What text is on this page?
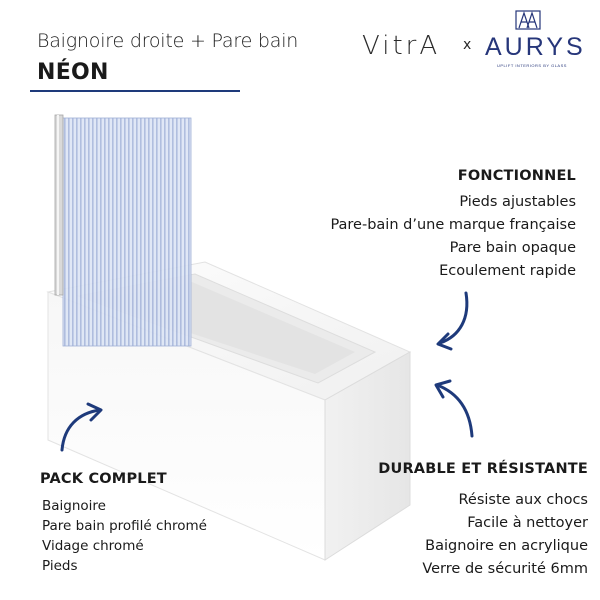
Baignoire droite + Pare bain
NÉON
VitrA x AURYS
UPLIFT INTERIORS BY GLASS
FONCTIONNEL
Pieds ajustables
Pare-bain d’une marque française
Pare bain opaque
Ecoulement rapide
DURABLE ET RÉSISTANTE
Résiste aux chocs
Facile à nettoyer
Baignoire en acrylique
Verre de sécurité 6mm
PACK COMPLET
Baignoire
Pare bain profilé chromé
Vidage chromé
Pieds
